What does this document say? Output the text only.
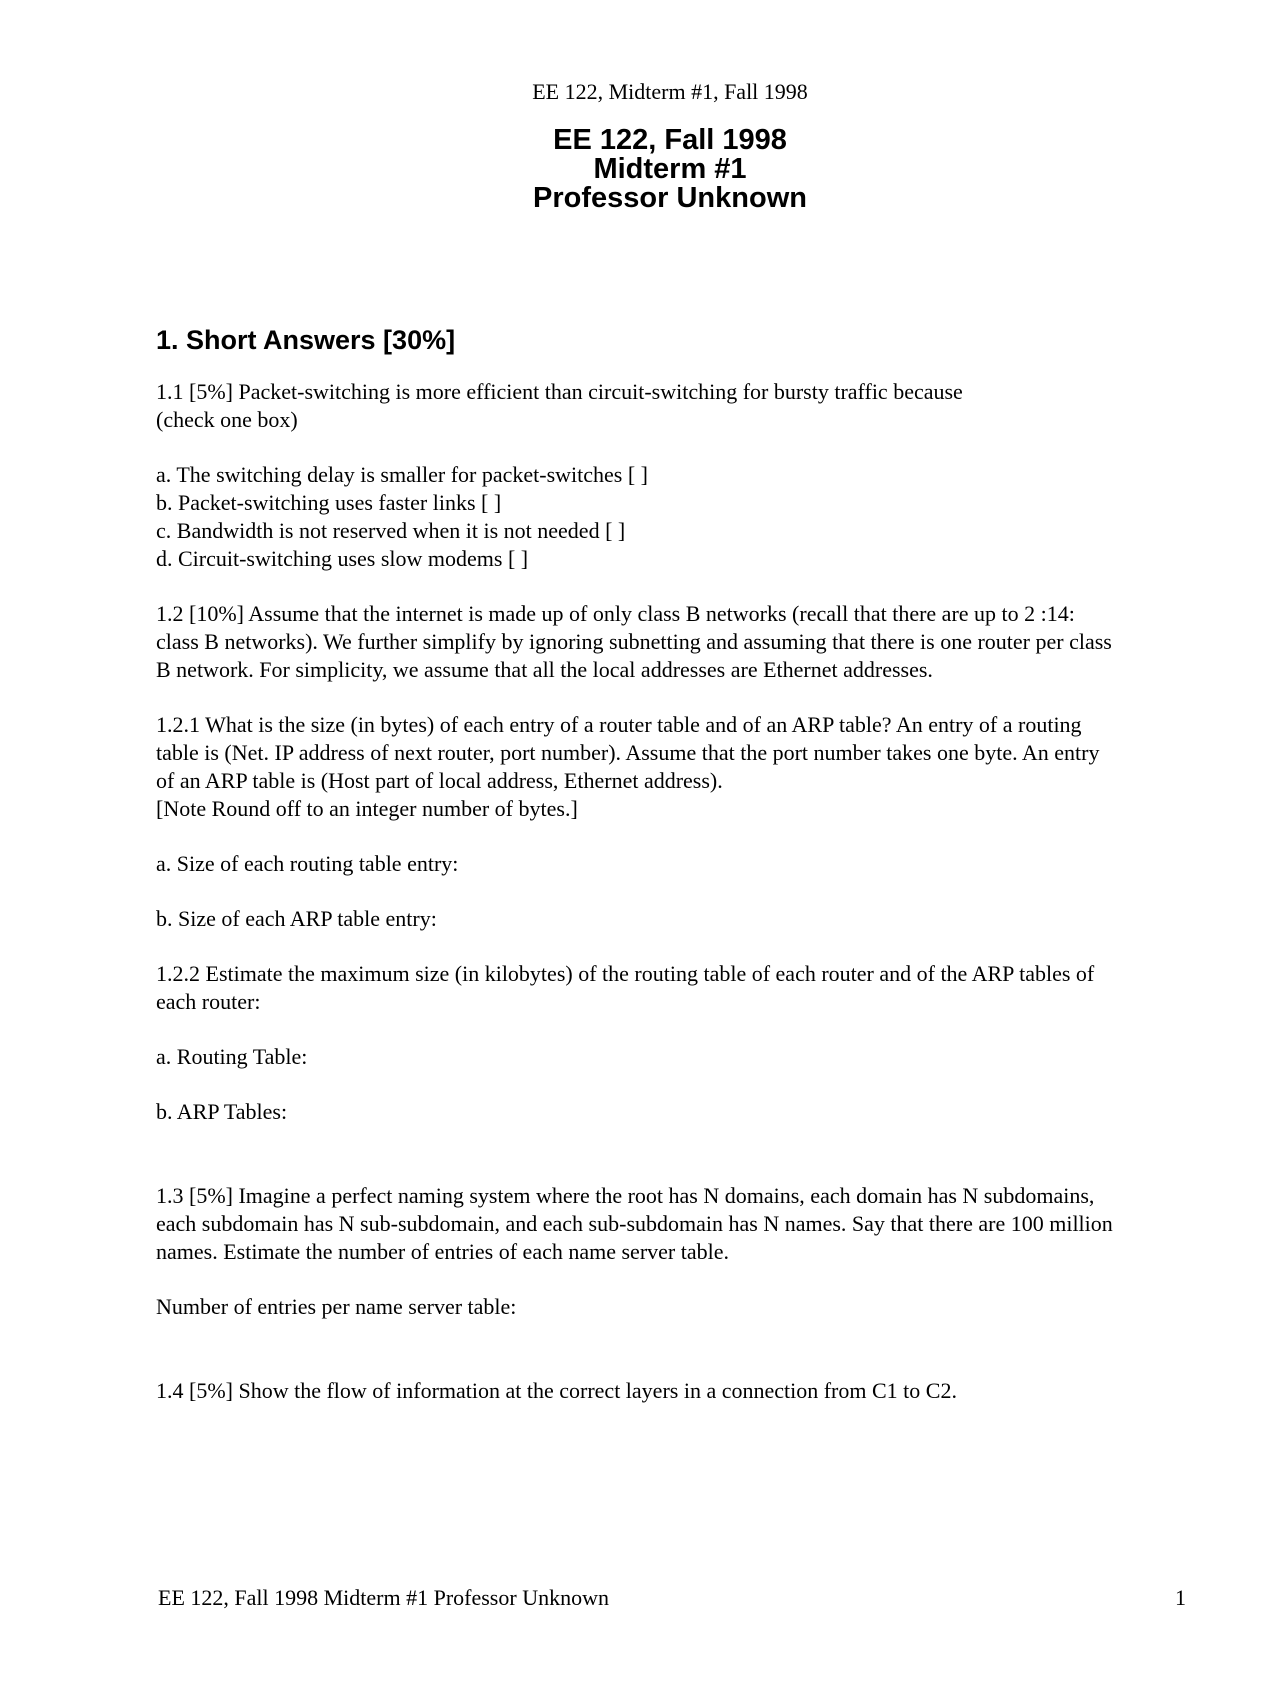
EE 122, Midterm #1, Fall 1998
EE 122, Fall 1998
Midterm #1
Professor Unknown
1. Short Answers [30%]

1.1 [5%] Packet-switching is more efficient than circuit-switching for bursty traffic because

(check one box)

a. The switching delay is smaller for packet-switches [ ]

b. Packet-switching uses faster links [ ]

c. Bandwidth is not reserved when it is not needed [ ]

d. Circuit-switching uses slow modems [ ]

1.2 [10%] Assume that the internet is made up of only class B networks (recall that there are up to 2 :14:

class B networks). We further simplify by ignoring subnetting and assuming that there is one router per class

B network. For simplicity, we assume that all the local addresses are Ethernet addresses.

1.2.1 What is the size (in bytes) of each entry of a router table and of an ARP table? An entry of a routing

table is (Net. IP address of next router, port number). Assume that the port number takes one byte. An entry

of an ARP table is (Host part of local address, Ethernet address).

[Note Round off to an integer number of bytes.]

a. Size of each routing table entry:

b. Size of each ARP table entry:

1.2.2 Estimate the maximum size (in kilobytes) of the routing table of each router and of the ARP tables of

each router:

a. Routing Table:

b. ARP Tables:

1.3 [5%] Imagine a perfect naming system where the root has N domains, each domain has N subdomains,

each subdomain has N sub-subdomain, and each sub-subdomain has N names. Say that there are 100 million

names. Estimate the number of entries of each name server table.

Number of entries per name server table:

1.4 [5%] Show the flow of information at the correct layers in a connection from C1 to C2.

EE 122, Fall 1998 Midterm #1 Professor Unknown	1
